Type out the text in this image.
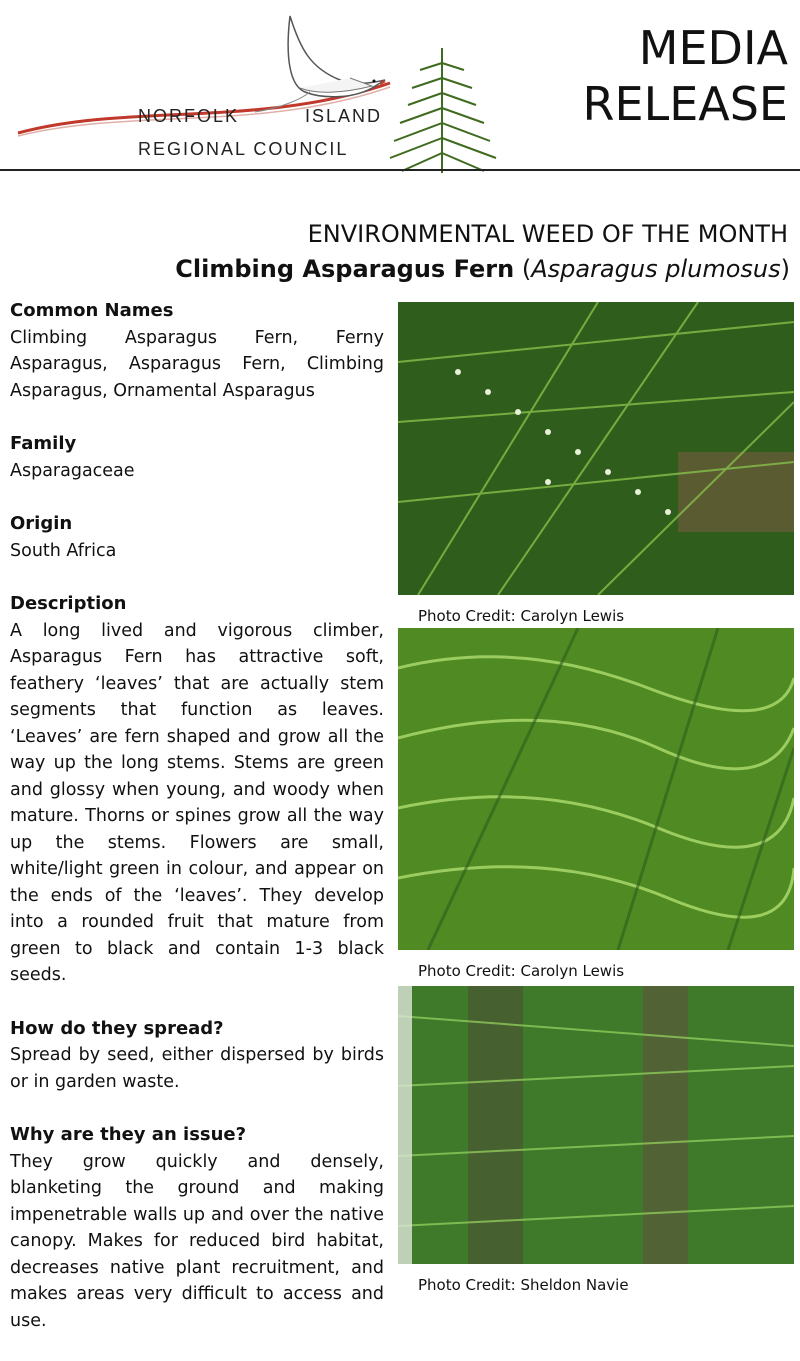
NORFOLK	ISLAND
REGIONAL COUNCIL
MEDIA
RELEASE
ENVIRONMENTAL WEED OF THE MONTH
Climbing Asparagus Fern (Asparagus plumosus)
Common Names

Climbing Asparagus Fern, Ferny Asparagus, Asparagus Fern, Climbing Asparagus, Ornamental Asparagus

Family

Asparagaceae

Origin

South Africa

Description

A long lived and vigorous climber, Asparagus Fern has attractive soft, feathery ‘leaves’ that are actually stem segments that function as leaves. ‘Leaves’ are fern shaped and grow all the way up the long stems. Stems are green and glossy when young, and woody when mature. Thorns or spines grow all the way up the stems. Flowers are small, white/light green in colour, and appear on the ends of the ‘leaves’. They develop into a rounded fruit that mature from green to black and contain 1-3 black seeds.

How do they spread?

Spread by seed, either dispersed by birds or in garden waste.

Why are they an issue?

They grow quickly and densely, blanketing the ground and making impenetrable walls up and over the native canopy. Makes for reduced bird habitat, decreases native plant recruitment, and makes areas very difficult to access and use.

Photo Credit: Carolyn Lewis
Photo Credit: Carolyn Lewis
Photo Credit: Sheldon Navie
